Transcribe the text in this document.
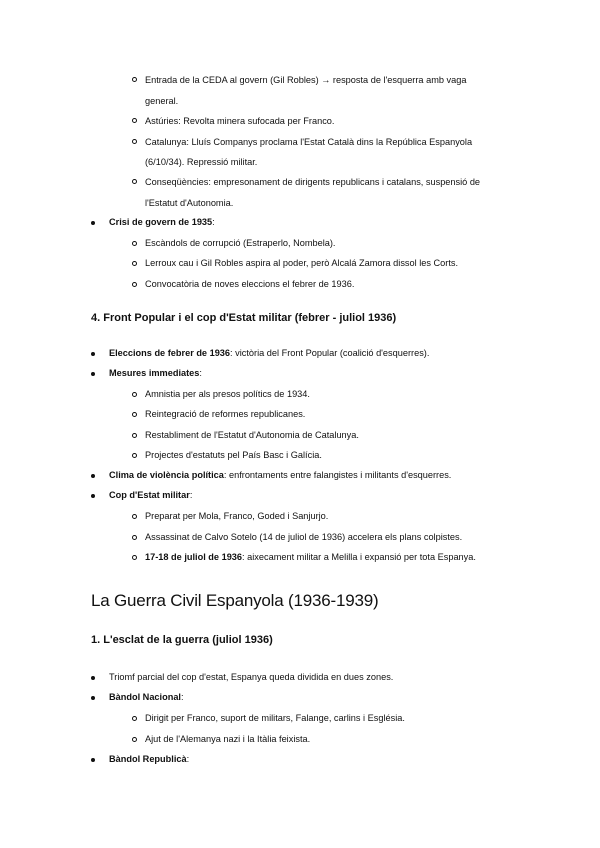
Entrada de la CEDA al govern (Gil Robles) → resposta de l'esquerra amb vaga
general.
Astúries: Revolta minera sufocada per Franco.
Catalunya: Lluís Companys proclama l'Estat Català dins la República Espanyola
(6/10/34). Repressió militar.
Conseqüències: empresonament de dirigents republicans i catalans, suspensió de
l'Estatut d'Autonomia.
Crisi de govern de 1935:
Escàndols de corrupció (Estraperlo, Nombela).
Lerroux cau i Gil Robles aspira al poder, però Alcalá Zamora dissol les Corts.
Convocatòria de noves eleccions el febrer de 1936.
4. Front Popular i el cop d'Estat militar (febrer - juliol 1936)
Eleccions de febrer de 1936: victòria del Front Popular (coalició d'esquerres).
Mesures immediates:
Amnistia per als presos polítics de 1934.
Reintegració de reformes republicanes.
Restabliment de l'Estatut d'Autonomia de Catalunya.
Projectes d'estatuts pel País Basc i Galícia.
Clima de violència política: enfrontaments entre falangistes i militants d'esquerres.
Cop d'Estat militar:
Preparat per Mola, Franco, Goded i Sanjurjo.
Assassinat de Calvo Sotelo (14 de juliol de 1936) accelera els plans colpistes.
17-18 de juliol de 1936: aixecament militar a Melilla i expansió per tota Espanya.
La Guerra Civil Espanyola (1936-1939)
1. L'esclat de la guerra (juliol 1936)
Triomf parcial del cop d'estat, Espanya queda dividida en dues zones.
Bàndol Nacional:
Dirigit per Franco, suport de militars, Falange, carlins i Església.
Ajut de l'Alemanya nazi i la Itàlia feixista.
Bàndol Republicà:
